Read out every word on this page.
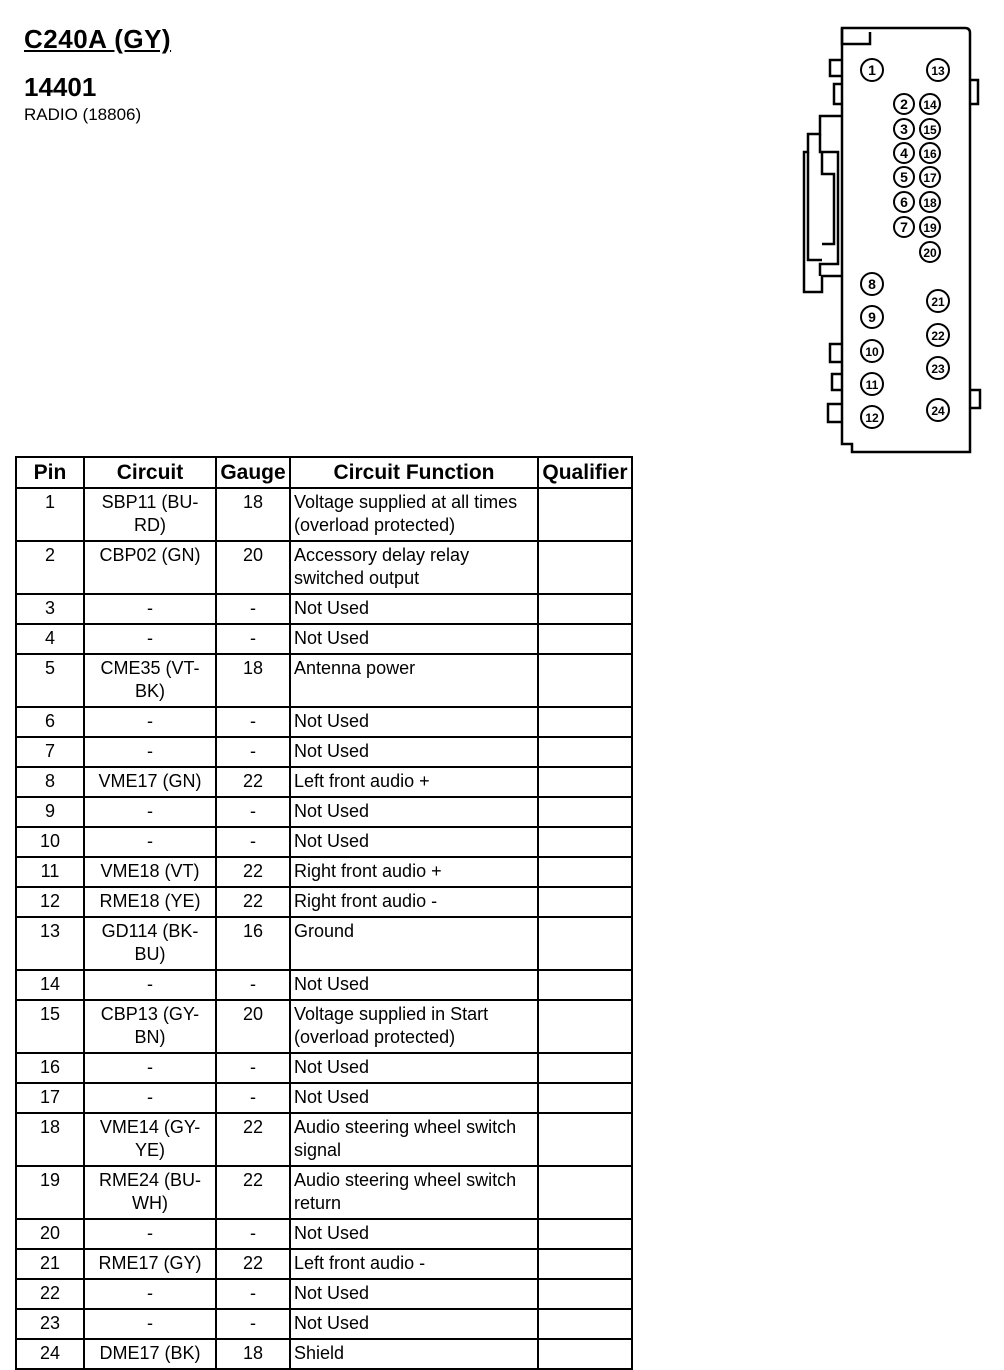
C240A (GY)
14401
RADIO (18806)
1
2
3
4
5
6
7
8
9
10
11
12
13
14
15
16
17
18
19
20
21
22
23
24
Pin	Circuit	Gauge	Circuit Function	Qualifier
1	SBP11 (BU-RD)	18	Voltage supplied at all times (overload protected)	
2	CBP02 (GN)	20	Accessory delay relay switched output	
3	-	-	Not Used	
4	-	-	Not Used	
5	CME35 (VT-BK)	18	Antenna power	
6	-	-	Not Used	
7	-	-	Not Used	
8	VME17 (GN)	22	Left front audio +	
9	-	-	Not Used	
10	-	-	Not Used	
11	VME18 (VT)	22	Right front audio +	
12	RME18 (YE)	22	Right front audio -	
13	GD114 (BK-BU)	16	Ground	
14	-	-	Not Used	
15	CBP13 (GY-BN)	20	Voltage supplied in Start (overload protected)	
16	-	-	Not Used	
17	-	-	Not Used	
18	VME14 (GY-YE)	22	Audio steering wheel switch signal	
19	RME24 (BU-WH)	22	Audio steering wheel switch return	
20	-	-	Not Used	
21	RME17 (GY)	22	Left front audio -	
22	-	-	Not Used	
23	-	-	Not Used	
24	DME17 (BK)	18	Shield	
